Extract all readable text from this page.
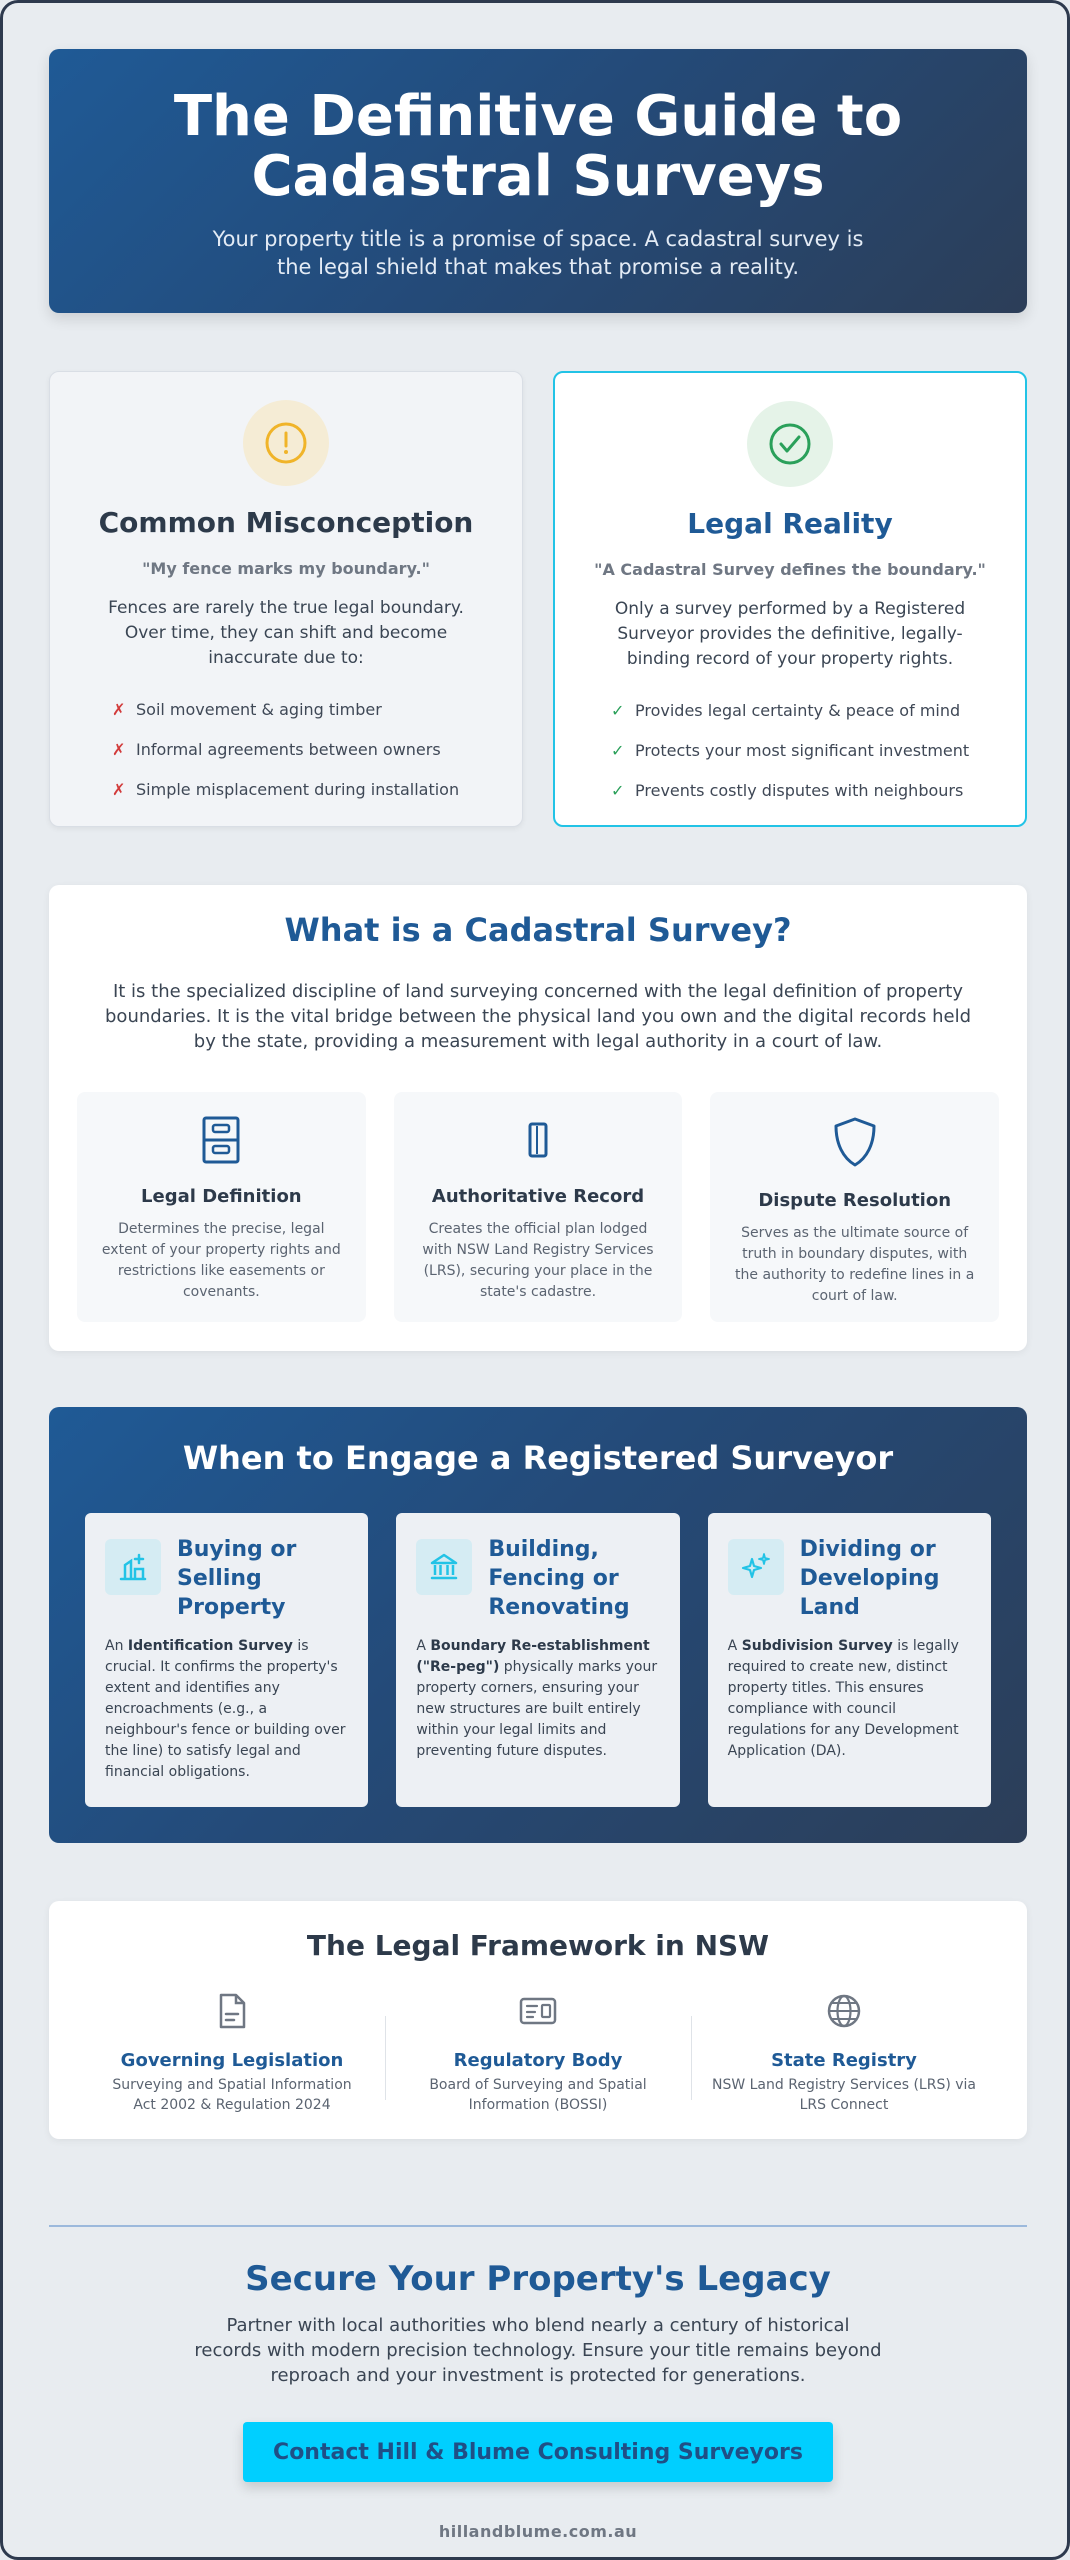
The Definitive Guide to Cadastral Surveys

Your property title is a promise of space. A cadastral survey is the legal shield that makes that promise a reality.

Common Misconception
"My fence marks my boundary."

Fences are rarely the true legal boundary. Over time, they can shift and become inaccurate due to:

✗ Soil movement & aging timber
✗ Informal agreements between owners
✗ Simple misplacement during installation
Legal Reality
"A Cadastral Survey defines the boundary."

Only a survey performed by a Registered Surveyor provides the definitive, legally-binding record of your property rights.

✓ Provides legal certainty & peace of mind
✓ Protects your most significant investment
✓ Prevents costly disputes with neighbours
What is a Cadastral Survey?

It is the specialized discipline of land surveying concerned with the legal definition of property boundaries. It is the vital bridge between the physical land you own and the digital records held by the state, providing a measurement with legal authority in a court of law.

Legal Definition

Determines the precise, legal extent of your property rights and restrictions like easements or covenants.

Authoritative Record

Creates the official plan lodged with NSW Land Registry Services (LRS), securing your place in the state's cadastre.

Dispute Resolution

Serves as the ultimate source of truth in boundary disputes, with the authority to redefine lines in a court of law.

When to Engage a Registered Surveyor
Buying or Selling Property

An Identification Survey is crucial. It confirms the property's extent and identifies any encroachments (e.g., a neighbour's fence or building over the line) to satisfy legal and financial obligations.

Building, Fencing or Renovating

A Boundary Re-establishment ("Re-peg") physically marks your property corners, ensuring your new structures are built entirely within your legal limits and preventing future disputes.

Dividing or Developing Land

A Subdivision Survey is legally required to create new, distinct property titles. This ensures compliance with council regulations for any Development Application (DA).

The Legal Framework in NSW
Governing Legislation

Surveying and Spatial Information Act 2002 & Regulation 2024

Regulatory Body

Board of Surveying and Spatial Information (BOSSI)

State Registry

NSW Land Registry Services (LRS) via LRS Connect

Secure Your Property's Legacy

Partner with local authorities who blend nearly a century of historical records with modern precision technology. Ensure your title remains beyond reproach and your investment is protected for generations.

Contact Hill & Blume Consulting Surveyors
hillandblume.com.au
